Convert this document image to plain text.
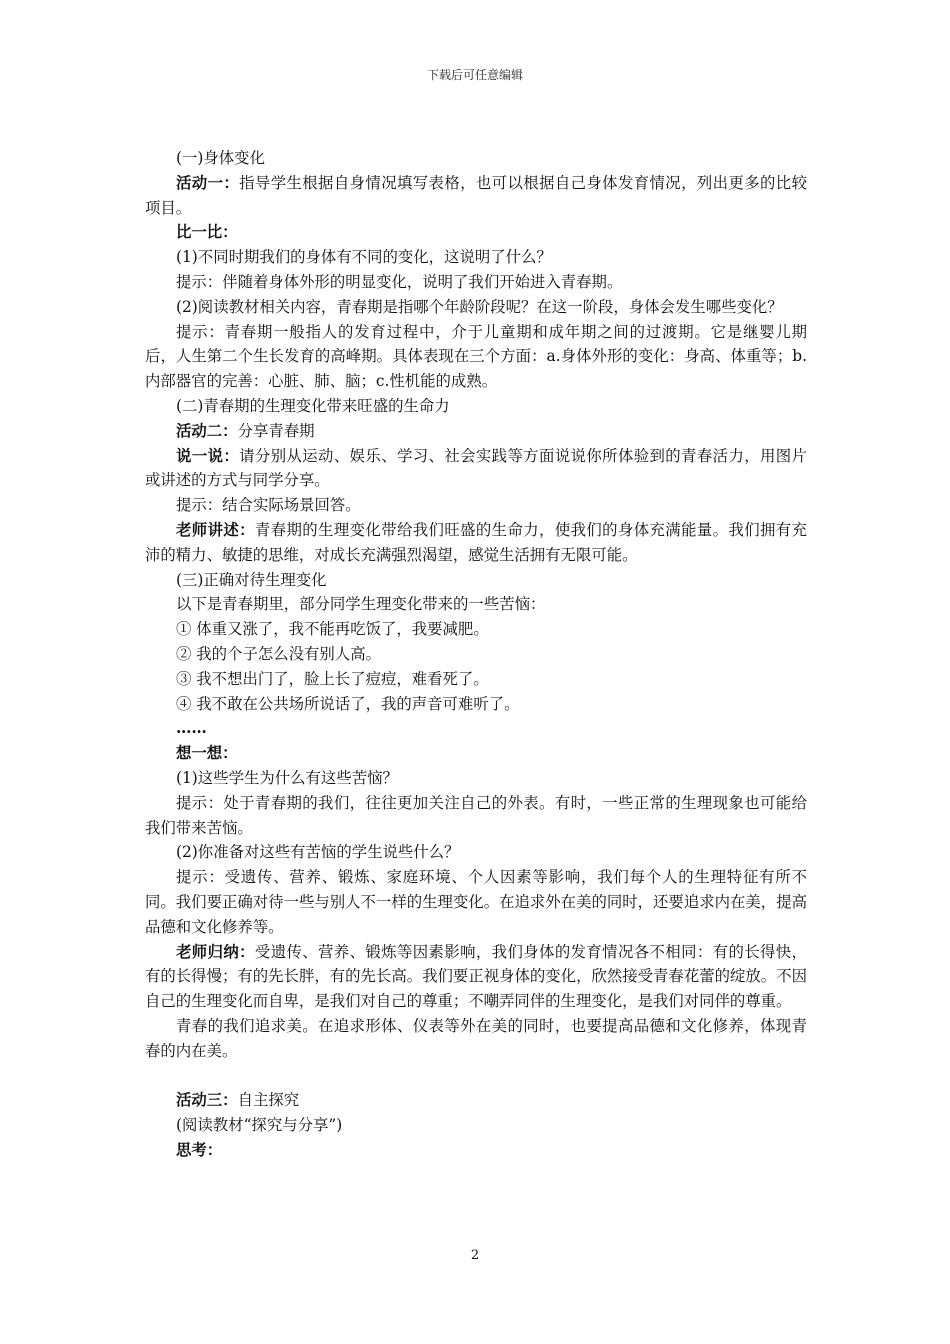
下载后可任意编辑

(一)身体变化

活动一：指导学生根据自身情况填写表格，也可以根据自己身体发育情况，列出更多的比较项目。

比一比：

(1)不同时期我们的身体有不同的变化，这说明了什么？

提示：伴随着身体外形的明显变化，说明了我们开始进入青春期。

(2)阅读教材相关内容，青春期是指哪个年龄阶段呢？在这一阶段，身体会发生哪些变化？

提示：青春期一般指人的发育过程中，介于儿童期和成年期之间的过渡期。它是继婴儿期后，人生第二个生长发育的高峰期。具体表现在三个方面：a.身体外形的变化：身高、体重等；b.内部器官的完善：心脏、肺、脑；c.性机能的成熟。

(二)青春期的生理变化带来旺盛的生命力

活动二：分享青春期

说一说：请分别从运动、娱乐、学习、社会实践等方面说说你所体验到的青春活力，用图片或讲述的方式与同学分享。

提示：结合实际场景回答。

老师讲述：青春期的生理变化带给我们旺盛的生命力，使我们的身体充满能量。我们拥有充沛的精力、敏捷的思维，对成长充满强烈渴望，感觉生活拥有无限可能。

(三)正确对待生理变化

以下是青春期里，部分同学生理变化带来的一些苦恼：

① 体重又涨了，我不能再吃饭了，我要减肥。

② 我的个子怎么没有别人高。

③ 我不想出门了，脸上长了痘痘，难看死了。

④ 我不敢在公共场所说话了，我的声音可难听了。

……

想一想：

(1)这些学生为什么有这些苦恼？

提示：处于青春期的我们，往往更加关注自己的外表。有时，一些正常的生理现象也可能给我们带来苦恼。

(2)你准备对这些有苦恼的学生说些什么？

提示：受遗传、营养、锻炼、家庭环境、个人因素等影响，我们每个人的生理特征有所不同。我们要正确对待一些与别人不一样的生理变化。在追求外在美的同时，还要追求内在美，提高品德和文化修养等。

老师归纳：受遗传、营养、锻炼等因素影响，我们身体的发育情况各不相同：有的长得快，有的长得慢；有的先长胖，有的先长高。我们要正视身体的变化，欣然接受青春花蕾的绽放。不因自己的生理变化而自卑，是我们对自己的尊重；不嘲弄同伴的生理变化，是我们对同伴的尊重。

青春的我们追求美。在追求形体、仪表等外在美的同时，也要提高品德和文化修养，体现青春的内在美。

活动三：自主探究

(阅读教材“探究与分享”)

思考：

2
